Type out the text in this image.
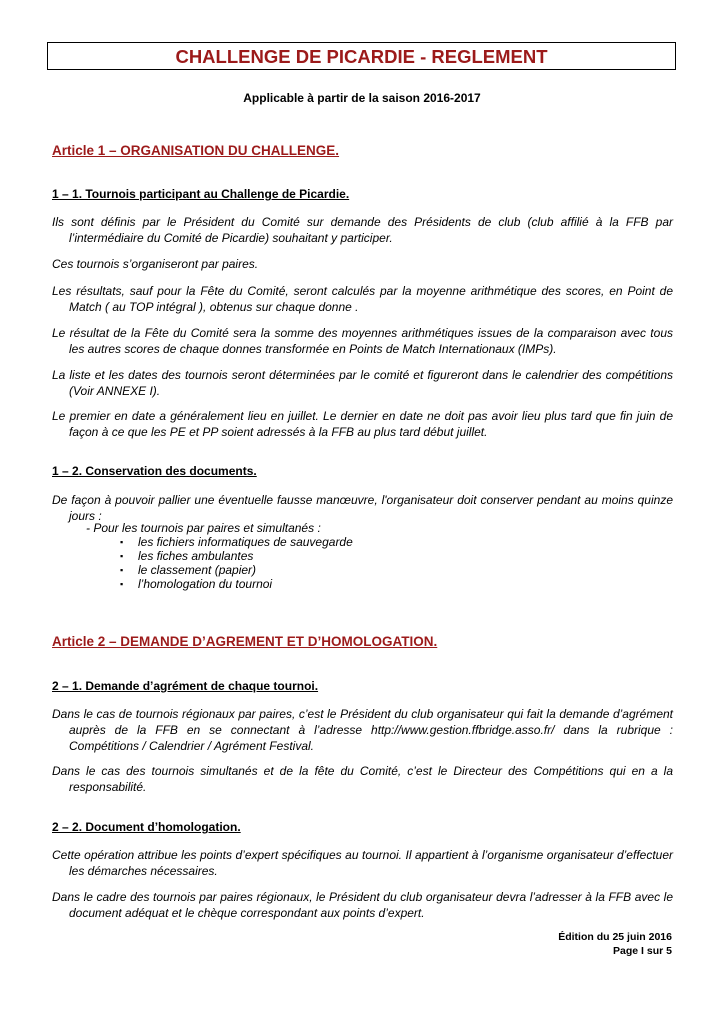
CHALLENGE DE PICARDIE - REGLEMENT
Applicable à partir de la saison 2016-2017
Article 1 – ORGANISATION DU CHALLENGE.
1 – 1. Tournois participant au Challenge de Picardie.
Ils sont définis par le Président du Comité sur demande des Présidents de club (club affilié à la FFB par l’intermédiaire du Comité de Picardie) souhaitant y participer.
Ces tournois s’organiseront par paires.
Les résultats, sauf pour la Fête du Comité, seront calculés par la moyenne arithmétique des scores, en Point de Match ( au TOP intégral ), obtenus sur chaque donne .
Le résultat de la Fête du Comité sera la somme des moyennes arithmétiques issues de la comparaison avec tous les autres scores de chaque donnes transformée en Points de Match Internationaux (IMPs).
La liste et les dates des tournois seront déterminées par le comité et figureront dans le calendrier des compétitions (Voir ANNEXE I).
Le premier en date a généralement lieu en juillet. Le dernier en date ne doit pas avoir lieu plus tard que fin juin de façon à ce que les PE et PP soient adressés à la FFB au plus tard début juillet.
1 – 2. Conservation des documents.
De façon à pouvoir pallier une éventuelle fausse manœuvre, l'organisateur doit conserver pendant au moins quinze jours :
- Pour les tournois par paires et simultanés :
▪ les fichiers informatiques de sauvegarde
▪ les fiches ambulantes
▪ le classement (papier)
▪ l’homologation du tournoi
Article 2 – DEMANDE D’AGREMENT ET D’HOMOLOGATION.
2 – 1. Demande d’agrément de chaque tournoi.
Dans le cas de tournois régionaux par paires, c’est le Président du club organisateur qui fait la demande d’agrément auprès de la FFB en se connectant à l’adresse http://www.gestion.ffbridge.asso.fr/ dans la rubrique : Compétitions / Calendrier / Agrément Festival.
Dans le cas des tournois simultanés et de la fête du Comité, c’est le Directeur des Compétitions qui en a la responsabilité.
2 – 2. Document d’homologation.
Cette opération attribue les points d’expert spécifiques au tournoi. Il appartient à l’organisme organisateur d’effectuer les démarches nécessaires.
Dans le cadre des tournois par paires régionaux, le Président du club organisateur devra l’adresser à la FFB avec le document adéquat et le chèque correspondant aux points d’expert.
Édition du 25 juin 2016
Page I sur 5
